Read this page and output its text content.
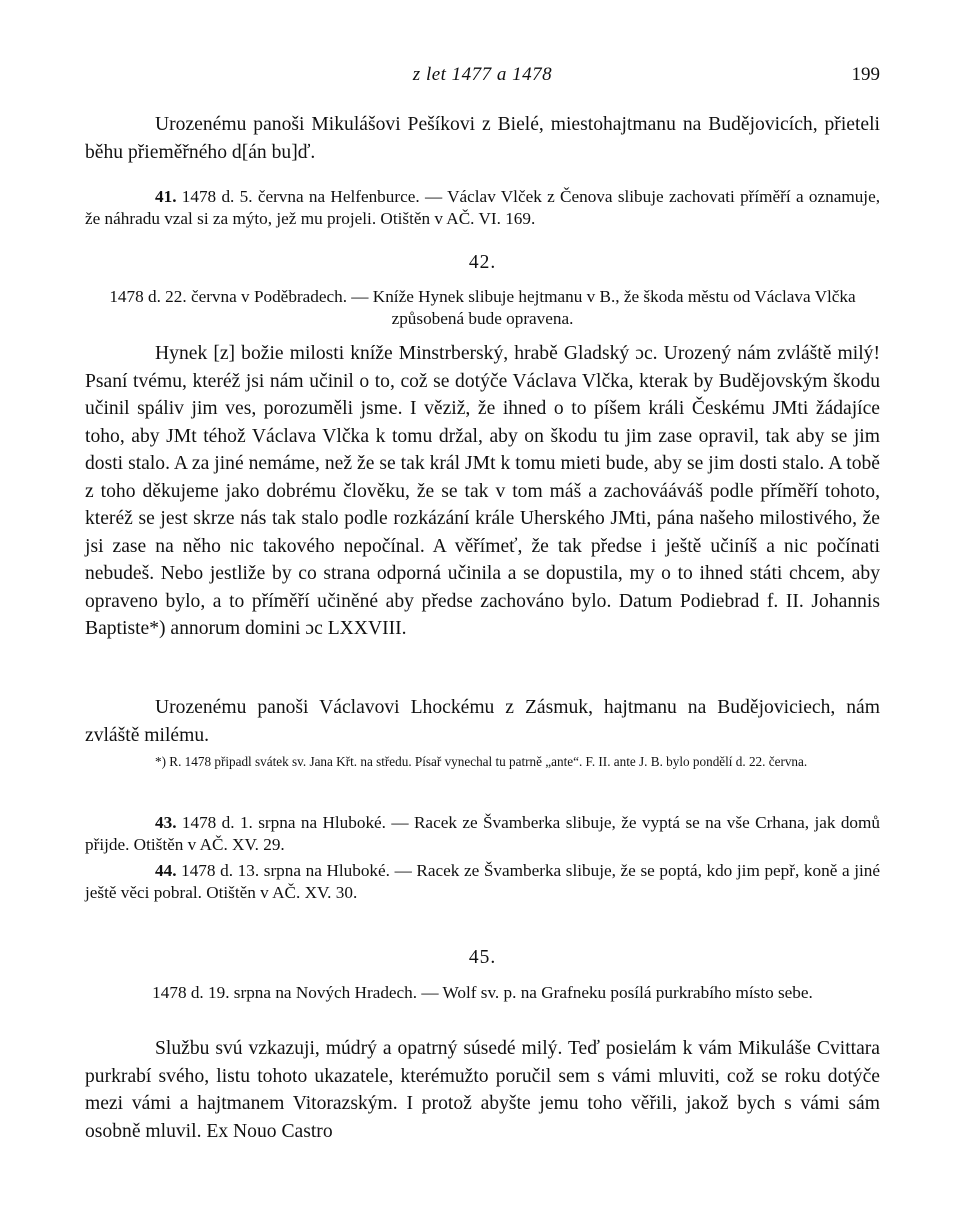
z let 1477 a 1478	199

Urozenému panoši Mikulášovi Pešíkovi z Bielé, miestohajtmanu na Budějovicích, přieteli běhu přieměřného d[án bu]ď.

41. 1478 d. 5. června na Helfenburce. — Václav Vlček z Čenova slibuje zachovati příměří a oznamuje, že náhradu vzal si za mýto, jež mu projeli. Otištěn v AČ. VI. 169.

42.

1478 d. 22. června v Poděbradech. — Kníže Hynek slibuje hejtmanu v B., že škoda městu od Václava Vlčka způsobená bude opravena.

Hynek [z] božie milosti kníže Minstrberský, hrabě Gladský ɔc. Urozený nám zvláště milý! Psaní tvému, kteréž jsi nám učinil o to, což se dotýče Václava Vlčka, kterak by Budějovským škodu učinil spáliv jim ves, porozuměli jsme. I věziž, že ihned o to píšem králi Českému JMti žádajíce toho, aby JMt téhož Václava Vlčka k tomu držal, aby on škodu tu jim zase opravil, tak aby se jim dosti stalo. A za jiné nemáme, než že se tak král JMt k tomu mieti bude, aby se jim dosti stalo. A tobě z toho děkujeme jako dobrému člověku, že se tak v tom máš a zachovááváš podle příměří tohoto, kteréž se jest skrze nás tak stalo podle rozkázání krále Uherského JMti, pána našeho milostivého, že jsi zase na něho nic takového nepočínal. A věřímeť, že tak předse i ještě učiníš a nic počínati nebudeš. Nebo jestliže by co strana odporná učinila a se dopustila, my o to ihned státi chcem, aby opraveno bylo, a to příměří učiněné aby předse zachováno bylo. Datum Podiebrad f. II. Johannis Baptiste*) annorum domini ɔc LXXVIII.

Urozenému panoši Václavovi Lhockému z Zásmuk, hajtmanu na Budějoviciech, nám zvláště milému.

*) R. 1478 připadl svátek sv. Jana Křt. na středu. Písař vynechal tu patrně „ante“. F. II. ante J. B. bylo pondělí d. 22. června.

43. 1478 d. 1. srpna na Hluboké. — Racek ze Švamberka slibuje, že vyptá se na vše Crhana, jak domů přijde. Otištěn v AČ. XV. 29.

44. 1478 d. 13. srpna na Hluboké. — Racek ze Švamberka slibuje, že se poptá, kdo jim pepř, koně a jiné ještě věci pobral. Otištěn v AČ. XV. 30.

45.

1478 d. 19. srpna na Nových Hradech. — Wolf sv. p. na Grafneku posílá purkrabího místo sebe.

Službu svú vzkazuji, múdrý a opatrný súsedé milý. Teď posielám k vám Mikuláše Cvittara purkrabí svého, listu tohoto ukazatele, kterémužto poručil sem s vámi mluviti, což se roku dotýče mezi vámi a hajtmanem Vitorazským. I protož abyšte jemu toho věřili, jakož bych s vámi sám osobně mluvil. Ex Nouo Castro
